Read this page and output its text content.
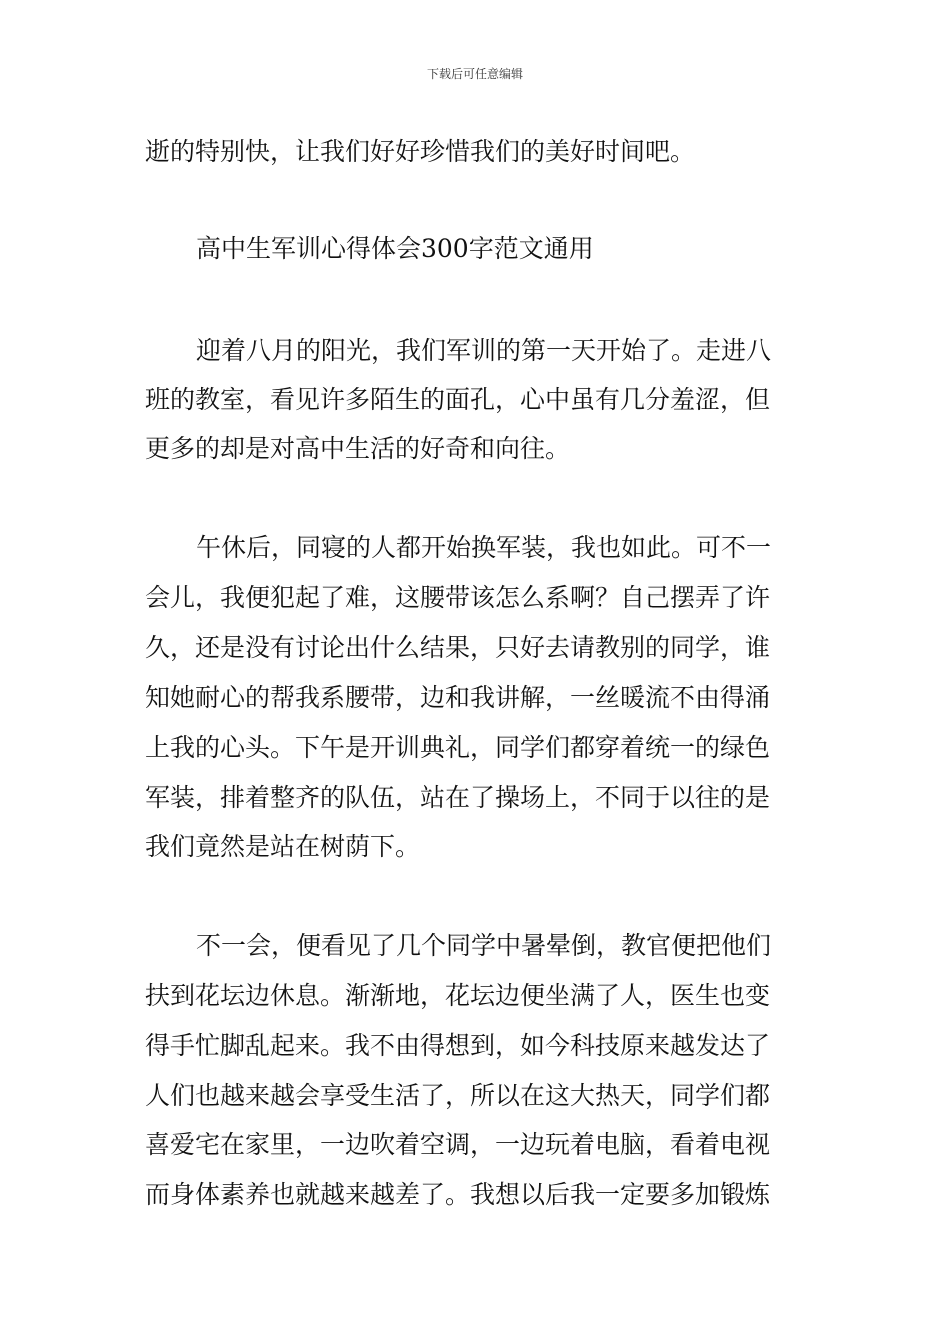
下载后可任意编辑
逝的特别快，让我们好好珍惜我们的美好时间吧。
高中生军训心得体会300字范文通用
迎着八月的阳光，我们军训的第一天开始了。走进八
班的教室，看见许多陌生的面孔，心中虽有几分羞涩，但
更多的却是对高中生活的好奇和向往。
午休后，同寝的人都开始换军装，我也如此。可不一
会儿，我便犯起了难，这腰带该怎么系啊？自己摆弄了许
久，还是没有讨论出什么结果，只好去请教别的同学，谁
知她耐心的帮我系腰带，边和我讲解，一丝暖流不由得涌
上我的心头。下午是开训典礼，同学们都穿着统一的绿色
军装，排着整齐的队伍，站在了操场上，不同于以往的是
我们竟然是站在树荫下。
不一会，便看见了几个同学中暑晕倒，教官便把他们
扶到花坛边休息。渐渐地，花坛边便坐满了人，医生也变
得手忙脚乱起来。我不由得想到，如今科技原来越发达了
人们也越来越会享受生活了，所以在这大热天，同学们都
喜爱宅在家里，一边吹着空调，一边玩着电脑，看着电视
而身体素养也就越来越差了。我想以后我一定要多加锻炼
